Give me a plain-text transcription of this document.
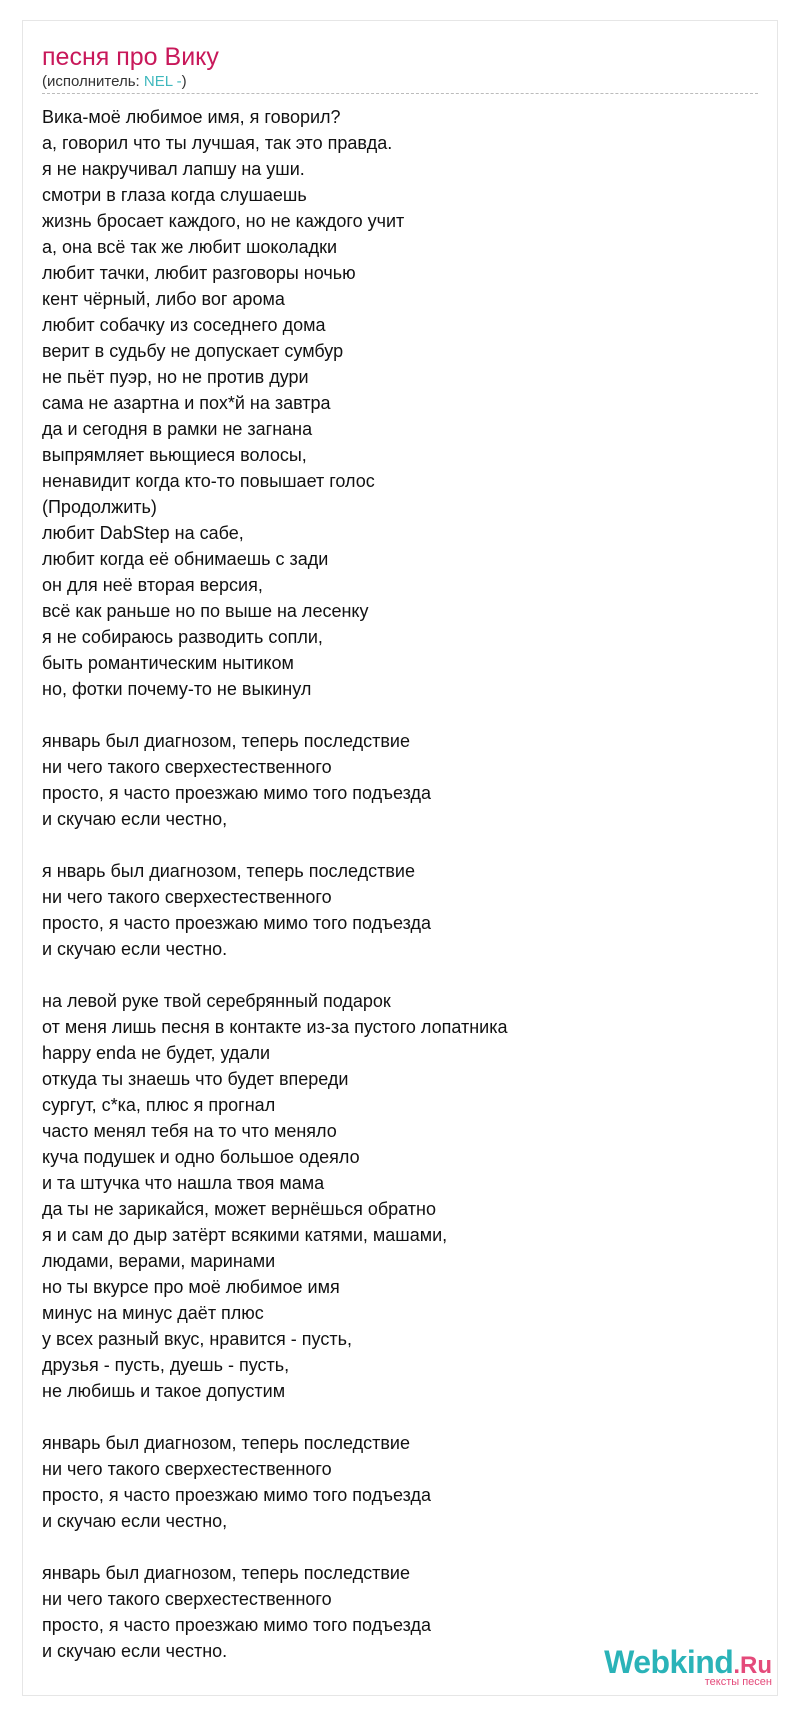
песня про Вику
(исполнитель: NEL -)
Вика-моё любимое имя, я говорил?
а, говорил что ты лучшая, так это правда.
я не накручивал лапшу на уши.
смотри в глаза когда слушаешь
жизнь бросает каждого, но не каждого учит
а, она всё так же любит шоколадки
любит тачки, любит разговоры ночью
кент чёрный, либо вог арома
любит собачку из соседнего дома
верит в судьбу не допускает сумбур
не пьёт пуэр, но не против дури
сама не азартна и пох*й на завтра
да и сегодня в рамки не загнана
выпрямляет вьющиеся волосы,
ненавидит когда кто-то повышает голос
(Продолжить)
любит DabStep на сабе,
любит когда её обнимаешь с зади
он для неё вторая версия,
всё как раньше но по выше на лесенку
я не собираюсь разводить сопли,
быть романтическим нытиком
но, фотки почему-то не выкинул
январь был диагнозом, теперь последствие
ни чего такого сверхестественного
просто, я часто проезжаю мимо того подъезда
и скучаю если честно,
я нварь был диагнозом, теперь последствие
ни чего такого сверхестественного
просто, я часто проезжаю мимо того подъезда
и скучаю если честно.
на левой руке твой серебрянный подарок
от меня лишь песня в контакте из-за пустого лопатника
happy enda не будет, удали
откуда ты знаешь что будет впереди
сургут, с*ка, плюс я прогнал
часто менял тебя на то что меняло
куча подушек и одно большое одеяло
и та штучка что нашла твоя мама
да ты не зарикайся, может вернёшься обратно
я и сам до дыр затёрт всякими катями, машами,
людами, верами, маринами
но ты вкурсе про моё любимое имя
минус на минус даёт плюс
у всех разный вкус, нравится - пусть,
друзья - пусть, дуешь - пусть,
не любишь и такое допустим
январь был диагнозом, теперь последствие
ни чего такого сверхестественного
просто, я часто проезжаю мимо того подъезда
и скучаю если честно,
январь был диагнозом, теперь последствие
ни чего такого сверхестественного
просто, я часто проезжаю мимо того подъезда
и скучаю если честно.	Webkind.Ru
тексты песен
